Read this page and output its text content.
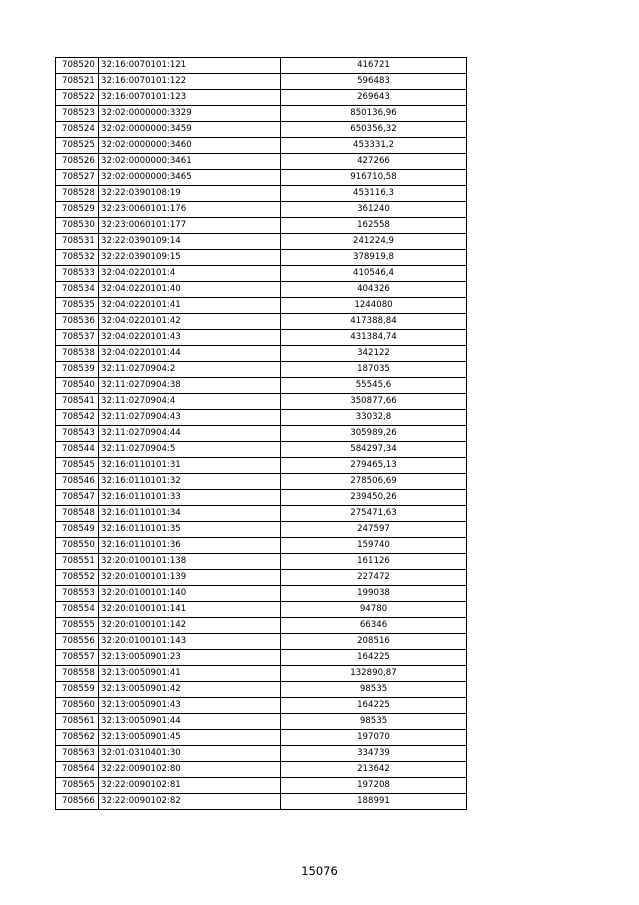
708520	32:16:0070101:121	416721
708521	32:16:0070101:122	596483
708522	32:16:0070101:123	269643
708523	32:02:0000000:3329	850136,96
708524	32:02:0000000:3459	650356,32
708525	32:02:0000000:3460	453331,2
708526	32:02:0000000:3461	427266
708527	32:02:0000000:3465	916710,58
708528	32:22:0390108:19	453116,3
708529	32:23:0060101:176	361240
708530	32:23:0060101:177	162558
708531	32:22:0390109:14	241224,9
708532	32:22:0390109:15	378919,8
708533	32:04:0220101:4	410546,4
708534	32:04:0220101:40	404326
708535	32:04:0220101:41	1244080
708536	32:04:0220101:42	417388,84
708537	32:04:0220101:43	431384,74
708538	32:04:0220101:44	342122
708539	32:11:0270904:2	187035
708540	32:11:0270904:38	55545,6
708541	32:11:0270904:4	350877,66
708542	32:11:0270904:43	33032,8
708543	32:11:0270904:44	305989,26
708544	32:11:0270904:5	584297,34
708545	32:16:0110101:31	279465,13
708546	32:16:0110101:32	278506,69
708547	32:16:0110101:33	239450,26
708548	32:16:0110101:34	275471,63
708549	32:16:0110101:35	247597
708550	32:16:0110101:36	159740
708551	32:20:0100101:138	161126
708552	32:20:0100101:139	227472
708553	32:20:0100101:140	199038
708554	32:20:0100101:141	94780
708555	32:20:0100101:142	66346
708556	32:20:0100101:143	208516
708557	32:13:0050901:23	164225
708558	32:13:0050901:41	132890,87
708559	32:13:0050901:42	98535
708560	32:13:0050901:43	164225
708561	32:13:0050901:44	98535
708562	32:13:0050901:45	197070
708563	32:01:0310401:30	334739
708564	32:22:0090102:80	213642
708565	32:22:0090102:81	197208
708566	32:22:0090102:82	188991
15076
